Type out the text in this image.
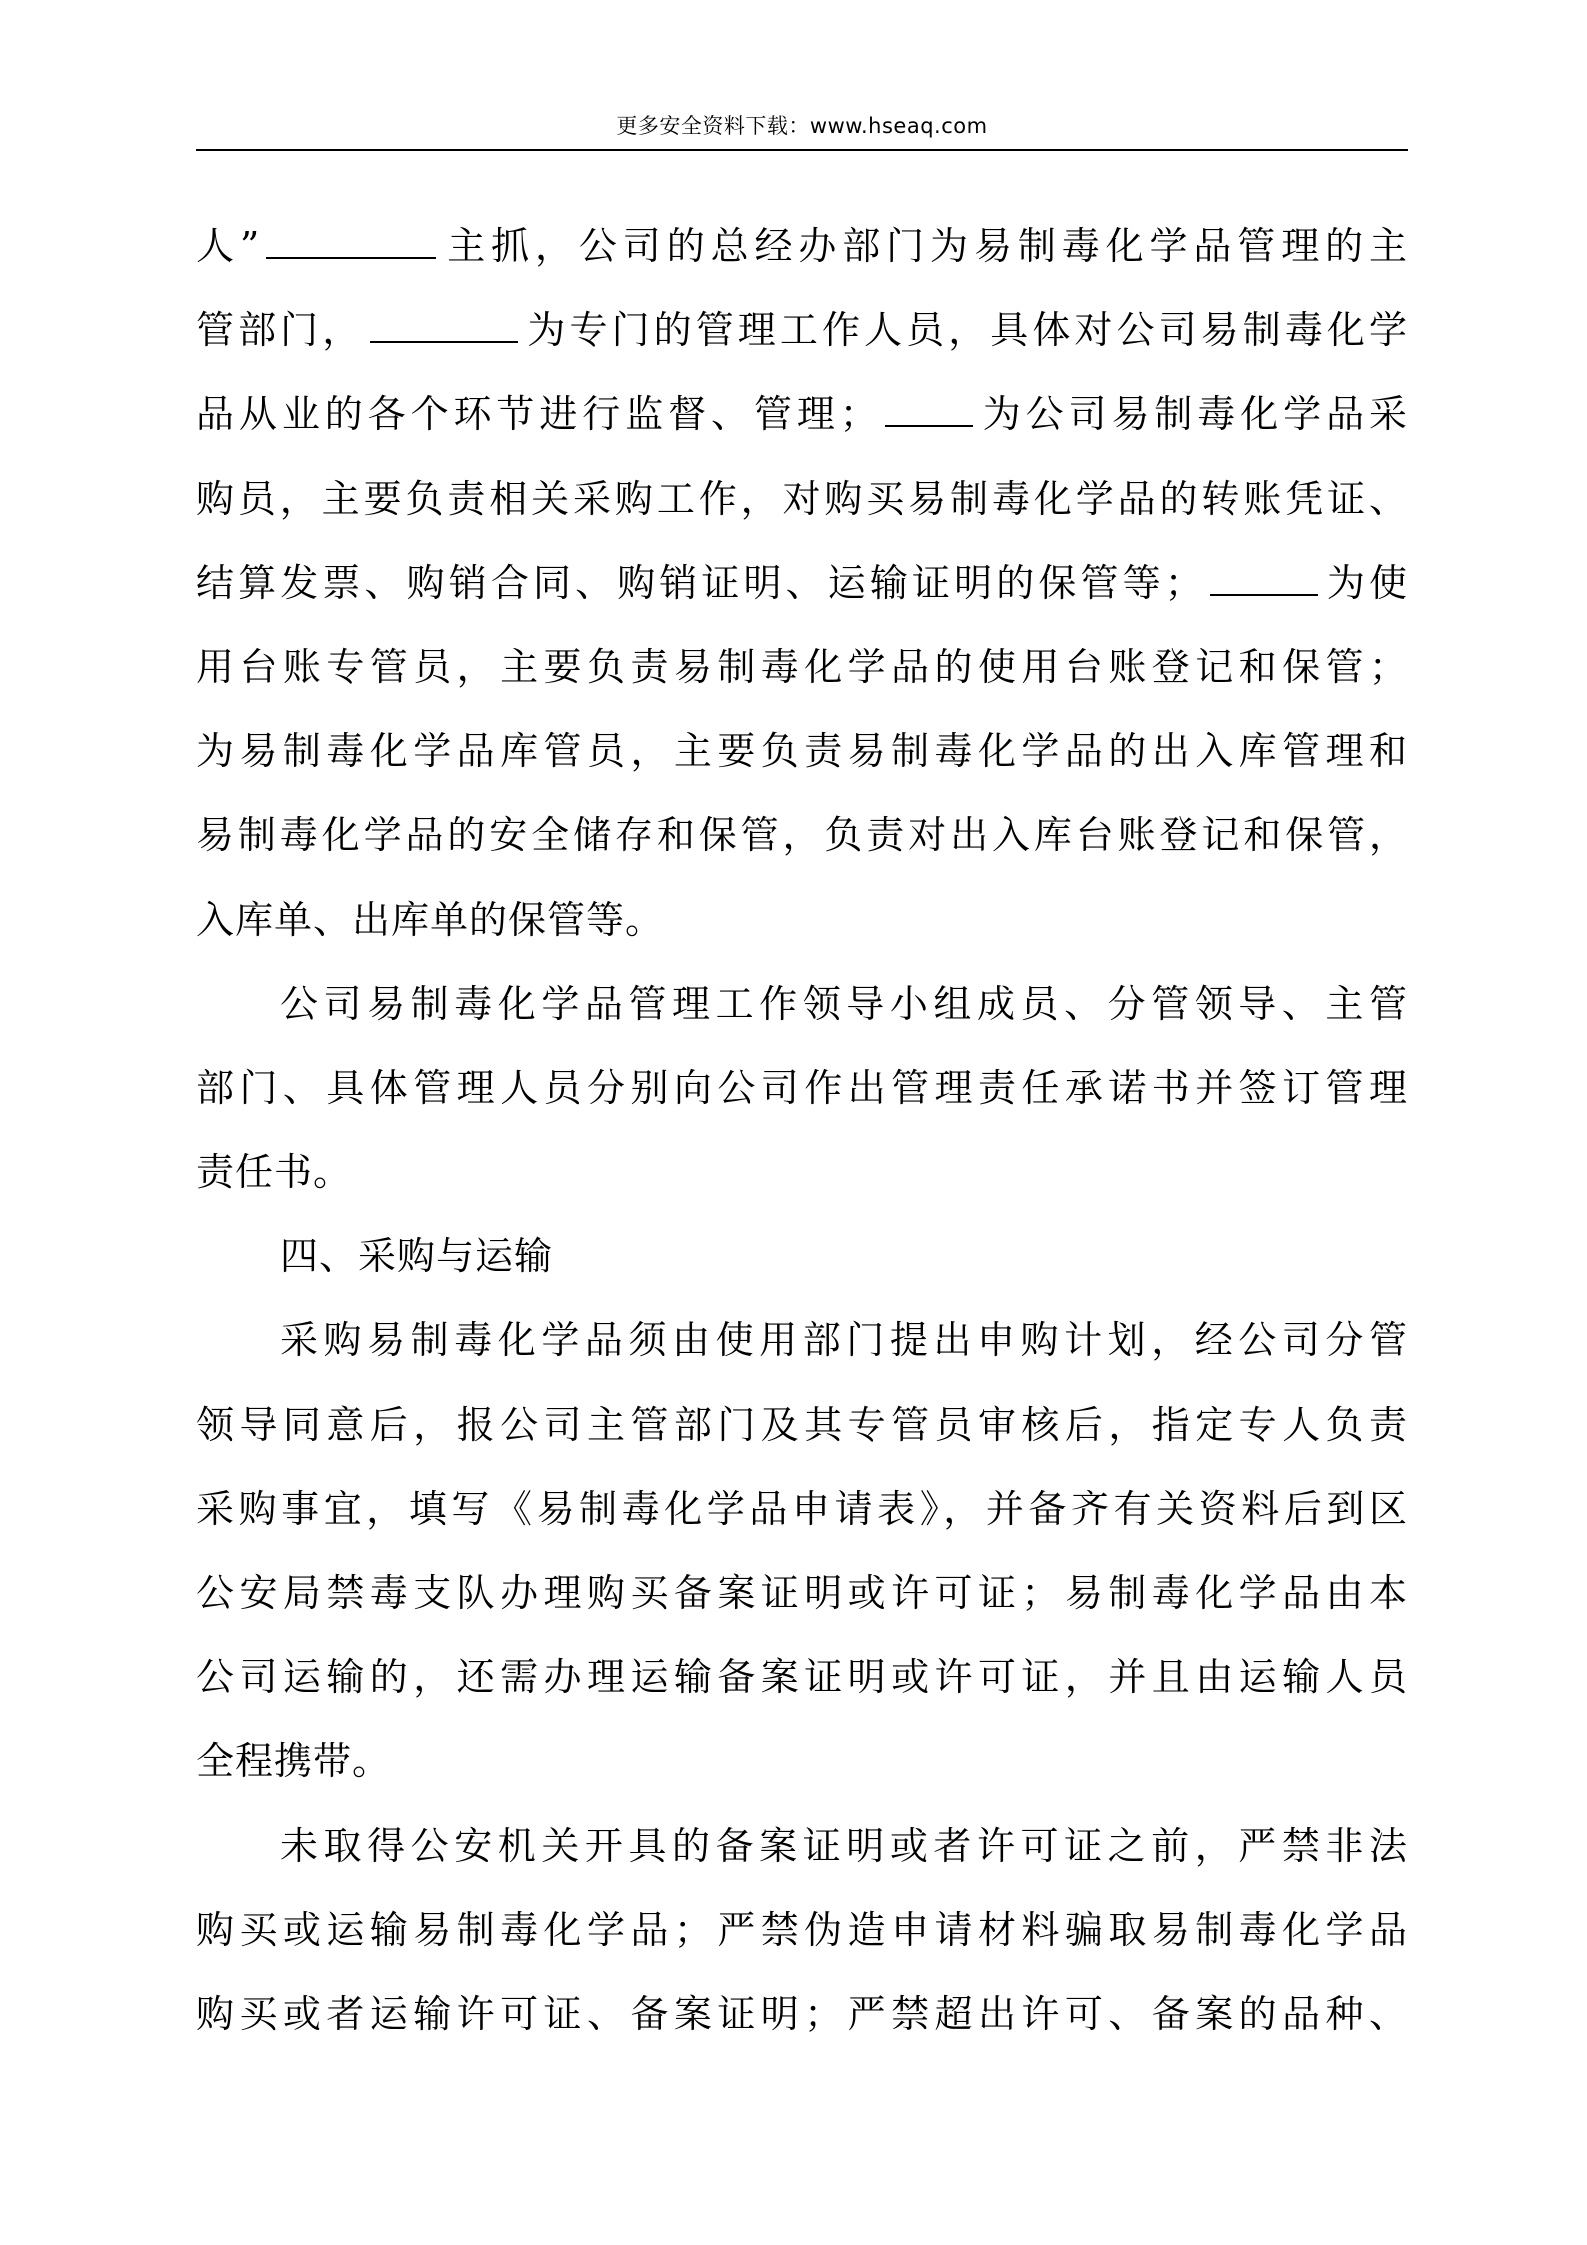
更多安全资料下载：www.hseaq.com
人”	主抓，公司的总经办部门为易制毒化学品管理的主
管部门，	为专门的管理工作人员，具体对公司易制毒化学
品从业的各个环节进行监督、管理；	为公司易制毒化学品采
购员，主要负责相关采购工作，对购买易制毒化学品的转账凭证、
结算发票、购销合同、购销证明、运输证明的保管等；	为使
用台账专管员，主要负责易制毒化学品的使用台账登记和保管；
为易制毒化学品库管员，主要负责易制毒化学品的出入库管理和
易制毒化学品的安全储存和保管，负责对出入库台账登记和保管，
入库单、出库单的保管等。
公司易制毒化学品管理工作领导小组成员、分管领导、主管
部门、具体管理人员分别向公司作出管理责任承诺书并签订管理
责任书。
四、采购与运输
采购易制毒化学品须由使用部门提出申购计划，经公司分管
领导同意后，报公司主管部门及其专管员审核后，指定专人负责
采购事宜，填写《易制毒化学品申请表》，并备齐有关资料后到区
公安局禁毒支队办理购买备案证明或许可证；易制毒化学品由本
公司运输的，还需办理运输备案证明或许可证，并且由运输人员
全程携带。
未取得公安机关开具的备案证明或者许可证之前，严禁非法
购买或运输易制毒化学品；严禁伪造申请材料骗取易制毒化学品
购买或者运输许可证、备案证明；严禁超出许可、备案的品种、
